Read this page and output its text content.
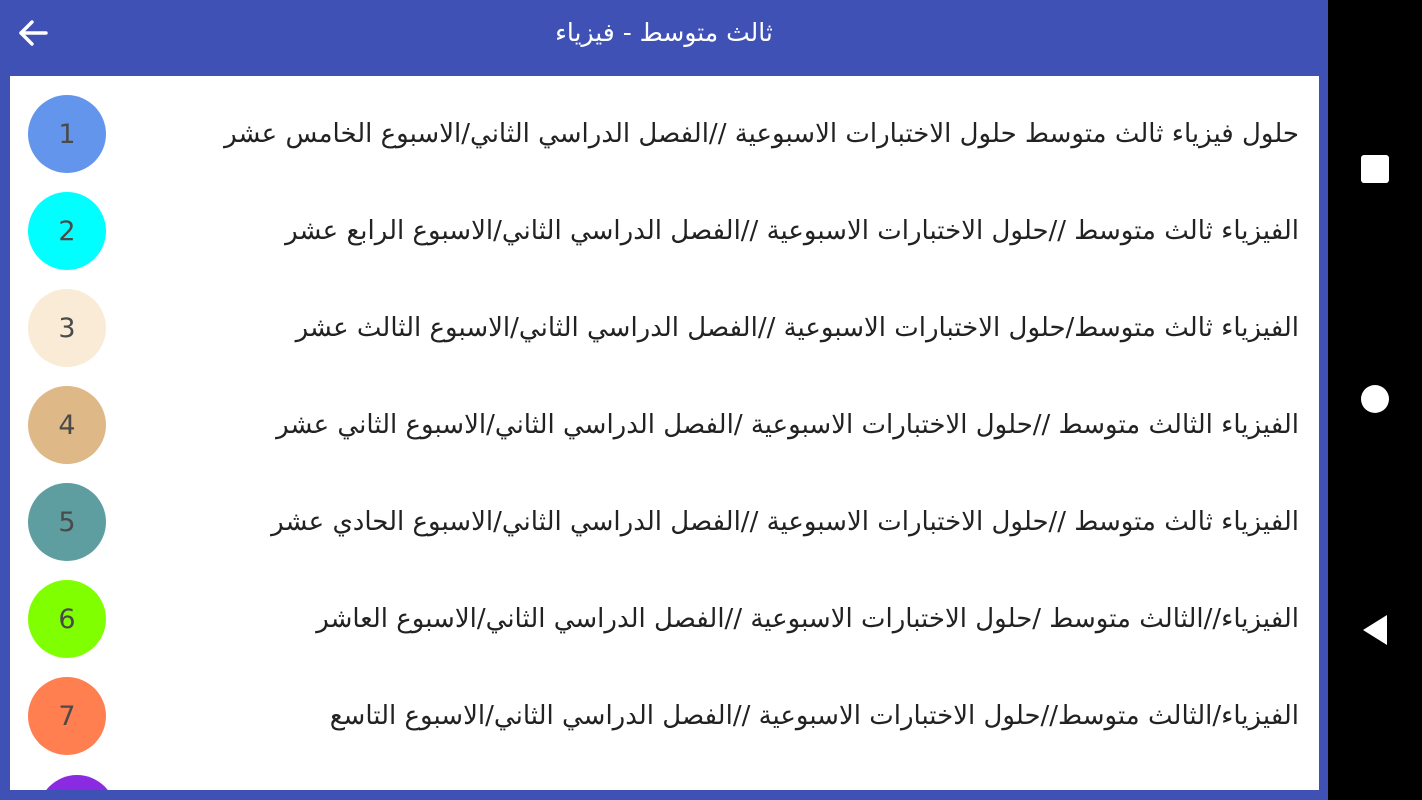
ثالث متوسط - فيزياء
1	حلول فيزياء ثالث متوسط حلول الاختبارات الاسبوعية //الفصل الدراسي الثاني/الاسبوع الخامس عشر
2	الفيزياء ثالث متوسط //حلول الاختبارات الاسبوعية //الفصل الدراسي الثاني/الاسبوع الرابع عشر
3	الفيزياء ثالث متوسط/حلول الاختبارات الاسبوعية //الفصل الدراسي الثاني/الاسبوع الثالث عشر
4	الفيزياء الثالث متوسط //حلول الاختبارات الاسبوعية /الفصل الدراسي الثاني/الاسبوع الثاني عشر
5	الفيزياء ثالث متوسط //حلول الاختبارات الاسبوعية //الفصل الدراسي الثاني/الاسبوع الحادي عشر
6	الفيزياء//الثالث متوسط /حلول الاختبارات الاسبوعية //الفصل الدراسي الثاني/الاسبوع العاشر
7	الفيزياء/الثالث متوسط//حلول الاختبارات الاسبوعية //الفصل الدراسي الثاني/الاسبوع التاسع
